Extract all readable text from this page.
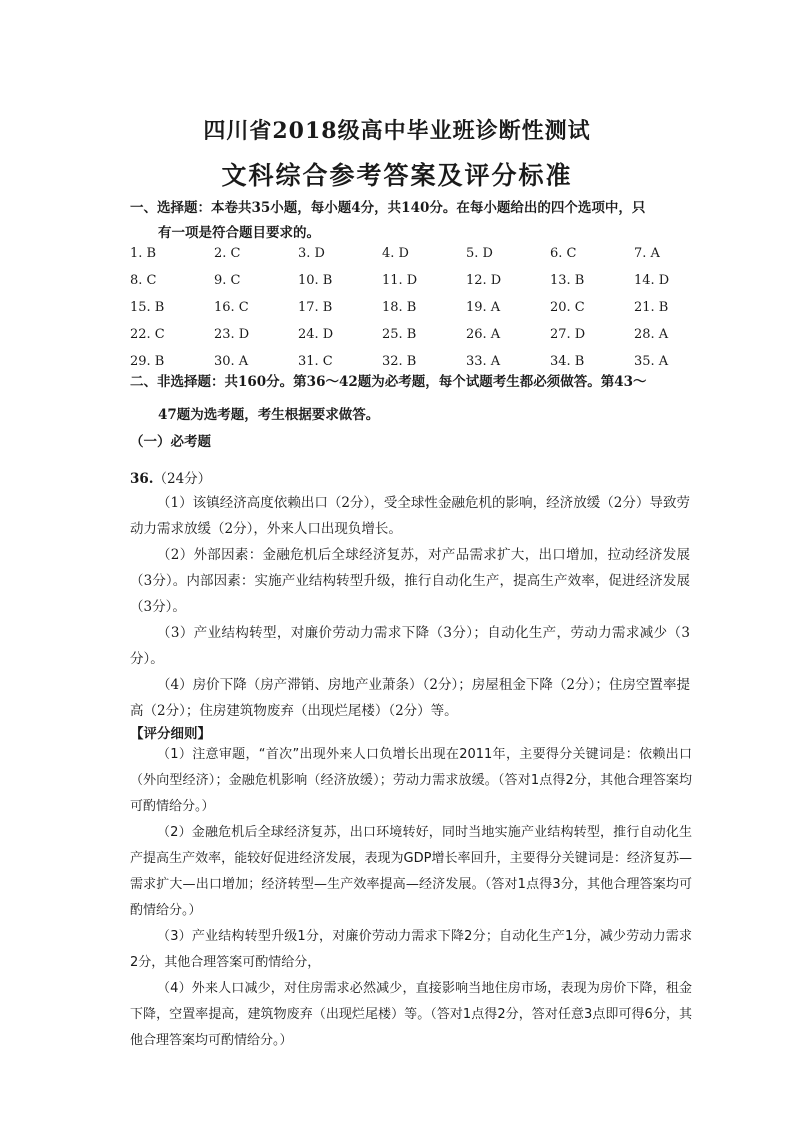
四川省2018级高中毕业班诊断性测试
文科综合参考答案及评分标准
一、选择题：本卷共35小题，每小题4分，共140分。在每小题给出的四个选项中，只
有一项是符合题目要求的。
1. B	2. C	3. D	4. D	5. D	6. C	7. A
8. C	9. C	10. B	11. D	12. D	13. B	14. D
15. B	16. C	17. B	18. B	19. A	20. C	21. B
22. C	23. D	24. D	25. B	26. A	27. D	28. A
29. B	30. A	31. C	32. B	33. A	34. B	35. A
二、非选择题：共160分。第36～42题为必考题，每个试题考生都必须做答。第43～
47题为选考题，考生根据要求做答。
（一）必考题
36.（24分）

（1）该镇经济高度依赖出口（2分），受全球性金融危机的影响，经济放缓（2分）导致劳动力需求放缓（2分），外来人口出现负增长。

（2）外部因素：金融危机后全球经济复苏，对产品需求扩大，出口增加，拉动经济发展（3分）。内部因素：实施产业结构转型升级，推行自动化生产，提高生产效率，促进经济发展（3分）。

（3）产业结构转型，对廉价劳动力需求下降（3分）；自动化生产，劳动力需求减少（3分）。

（4）房价下降（房产滞销、房地产业萧条）（2分）；房屋租金下降（2分）；住房空置率提高（2分）；住房建筑物废弃（出现烂尾楼）（2分）等。

【评分细则】

（1）注意审题，“首次”出现外来人口负增长出现在2011年，主要得分关键词是：依赖出口（外向型经济）；金融危机影响（经济放缓）；劳动力需求放缓。（答对1点得2分，其他合理答案均可酌情给分。）

（2）金融危机后全球经济复苏，出口环境转好，同时当地实施产业结构转型，推行自动化生产提高生产效率，能较好促进经济发展，表现为GDP增长率回升，主要得分关键词是：经济复苏—需求扩大—出口增加；经济转型—生产效率提高—经济发展。（答对1点得3分，其他合理答案均可酌情给分。）

（3）产业结构转型升级1分，对廉价劳动力需求下降2分；自动化生产1分，减少劳动力需求2分，其他合理答案可酌情给分，

（4）外来人口减少，对住房需求必然减少，直接影响当地住房市场，表现为房价下降，租金下降，空置率提高，建筑物废弃（出现烂尾楼）等。（答对1点得2分，答对任意3点即可得6分，其他合理答案均可酌情给分。）
